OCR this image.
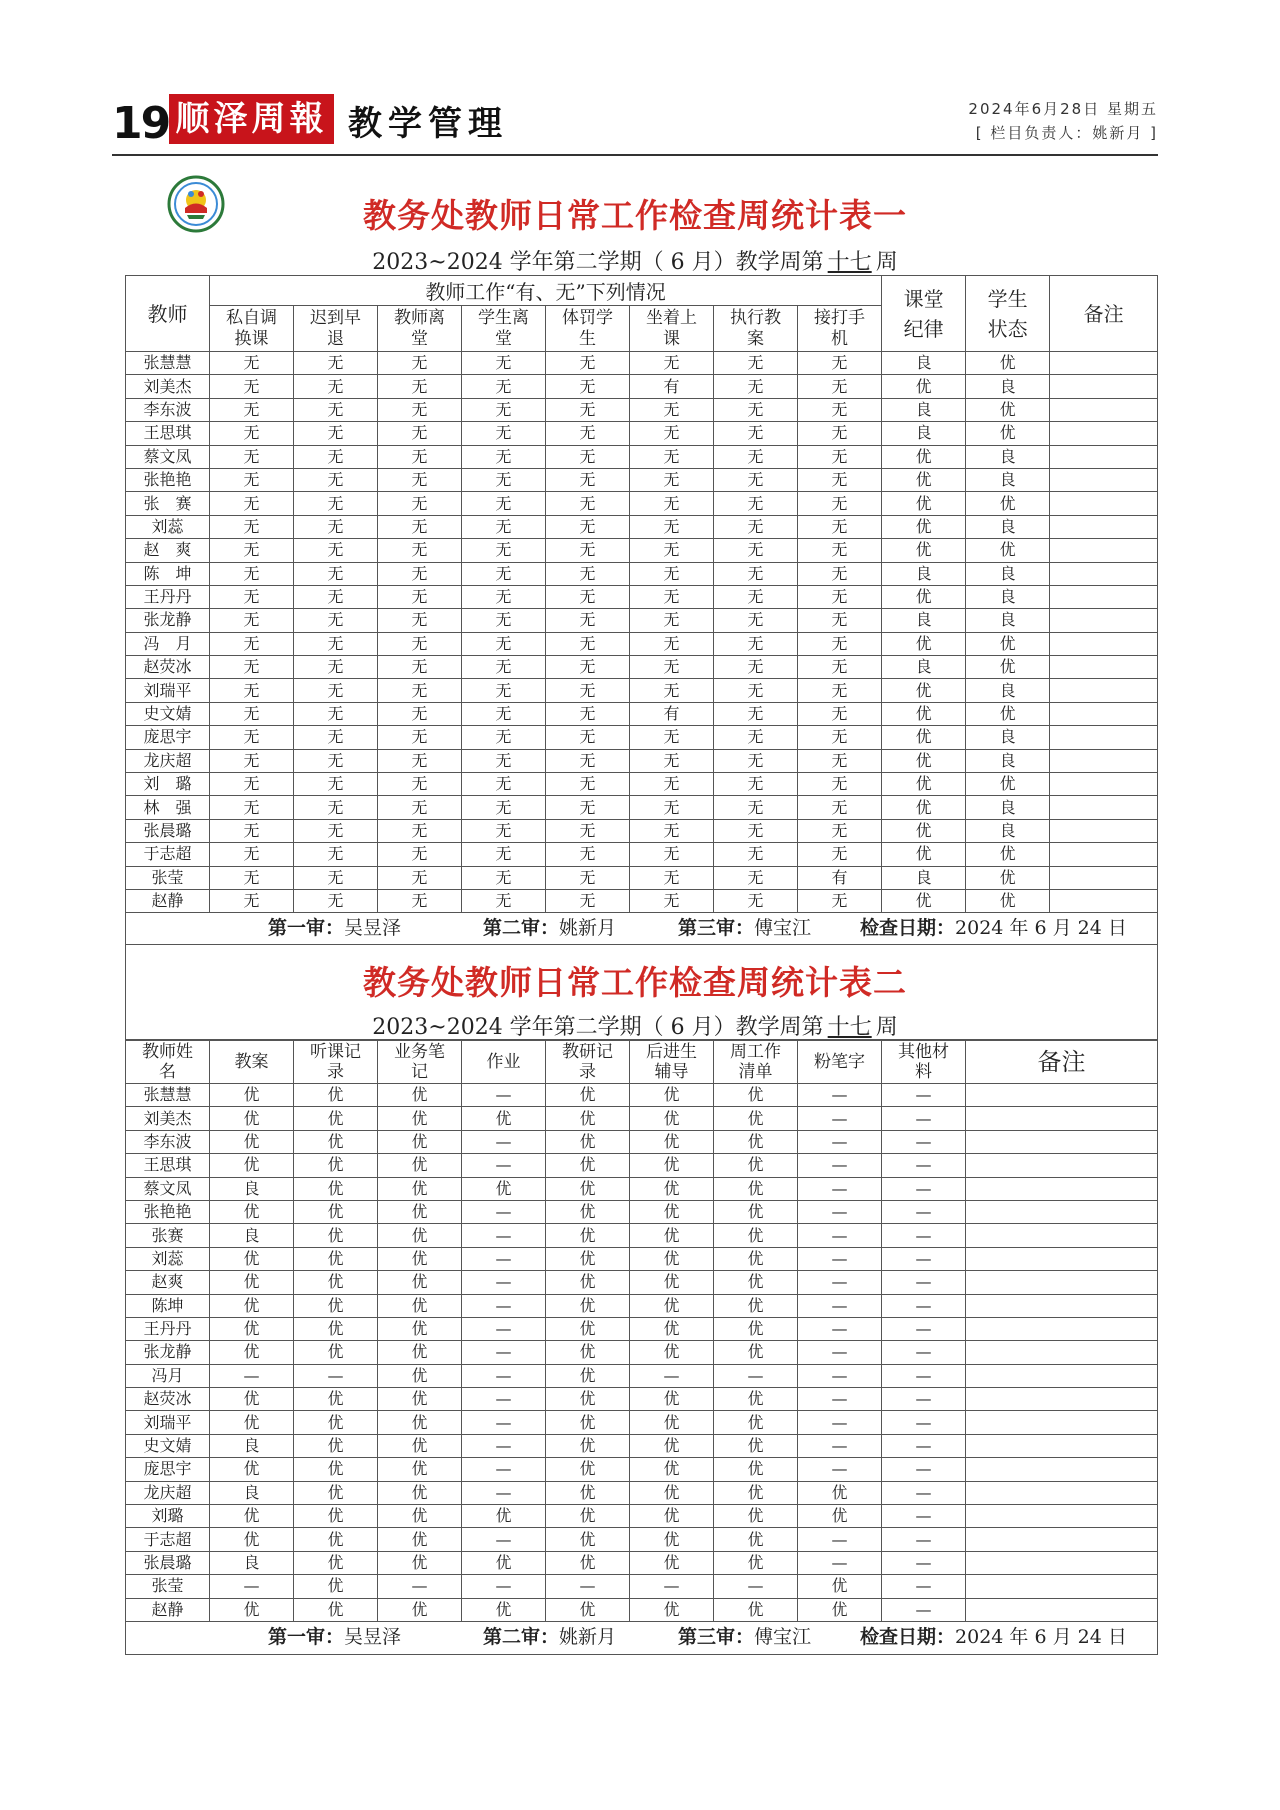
19 顺泽周報 教学管理	2024年6月28日 星期五
[ 栏目负责人：姚新月 ]
教务处教师日常工作检查周统计表一
2023~2024 学年第二学期（ 6 月）教学周第 十七 周
教师	教师工作“有、无”下列情况								课堂纪律	学生状态	备注
	私自调换课	迟到早退	教师离堂	学生离堂	体罚学生	坐着上课	执行教案	接打手机			
张慧慧	无	无	无	无	无	无	无	无	良	优	
刘美杰	无	无	无	无	无	有	无	无	优	良	
李东波	无	无	无	无	无	无	无	无	良	优	
王思琪	无	无	无	无	无	无	无	无	良	优	
蔡文凤	无	无	无	无	无	无	无	无	优	良	
张艳艳	无	无	无	无	无	无	无	无	优	良	
张　赛	无	无	无	无	无	无	无	无	优	优	
刘蕊	无	无	无	无	无	无	无	无	优	良	
赵　爽	无	无	无	无	无	无	无	无	优	优	
陈　坤	无	无	无	无	无	无	无	无	良	良	
王丹丹	无	无	无	无	无	无	无	无	优	良	
张龙静	无	无	无	无	无	无	无	无	良	良	
冯　月	无	无	无	无	无	无	无	无	优	优	
赵荧冰	无	无	无	无	无	无	无	无	良	优	
刘瑞平	无	无	无	无	无	无	无	无	优	良	
史文婧	无	无	无	无	无	有	无	无	优	优	
庞思宇	无	无	无	无	无	无	无	无	优	良	
龙庆超	无	无	无	无	无	无	无	无	优	良	
刘　璐	无	无	无	无	无	无	无	无	优	优	
林　强	无	无	无	无	无	无	无	无	优	良	
张晨璐	无	无	无	无	无	无	无	无	优	良	
于志超	无	无	无	无	无	无	无	无	优	优	
张莹	无	无	无	无	无	无	无	有	良	优	
赵静	无	无	无	无	无	无	无	无	优	优	
第一审：吴昱泽	第二审：姚新月	第三审：傅宝江	检查日期：2024 年 6 月 24 日
教务处教师日常工作检查周统计表二
2023~2024 学年第二学期（ 6 月）教学周第 十七 周
教师姓名	教案	听课记录	业务笔记	作业	教研记录	后进生辅导	周工作清单	粉笔字	其他材料	备注
张慧慧	优	优	优	—	优	优	优	—	—	
刘美杰	优	优	优	优	优	优	优	—	—	
李东波	优	优	优	—	优	优	优	—	—	
王思琪	优	优	优	—	优	优	优	—	—	
蔡文凤	良	优	优	优	优	优	优	—	—	
张艳艳	优	优	优	—	优	优	优	—	—	
张赛	良	优	优	—	优	优	优	—	—	
刘蕊	优	优	优	—	优	优	优	—	—	
赵爽	优	优	优	—	优	优	优	—	—	
陈坤	优	优	优	—	优	优	优	—	—	
王丹丹	优	优	优	—	优	优	优	—	—	
张龙静	优	优	优	—	优	优	优	—	—	
冯月	—	—	优	—	优	—	—	—	—	
赵荧冰	优	优	优	—	优	优	优	—	—	
刘瑞平	优	优	优	—	优	优	优	—	—	
史文婧	良	优	优	—	优	优	优	—	—	
庞思宇	优	优	优	—	优	优	优	—	—	
龙庆超	良	优	优	—	优	优	优	优	—	
刘璐	优	优	优	优	优	优	优	优	—	
于志超	优	优	优	—	优	优	优	—	—	
张晨璐	良	优	优	优	优	优	优	—	—	
张莹	—	优	—	—	—	—	—	优	—	
赵静	优	优	优	优	优	优	优	优	—	
第一审：吴昱泽	第二审：姚新月	第三审：傅宝江	检查日期：2024 年 6 月 24 日
